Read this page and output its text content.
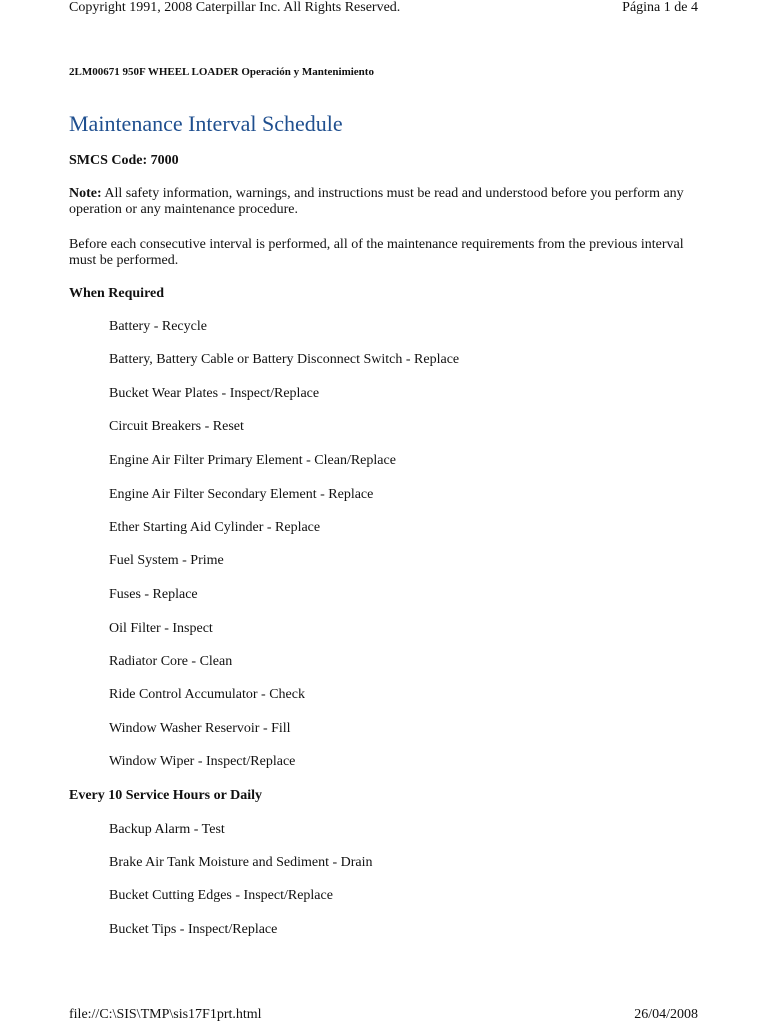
Copyright 1991, 2008 Caterpillar Inc. All Rights Reserved.	Página 1 de 4
2LM00671 950F WHEEL LOADER Operación y Mantenimiento
Maintenance Interval Schedule
SMCS Code: 7000
Note: All safety information, warnings, and instructions must be read and understood before you perform any operation or any maintenance procedure.
Before each consecutive interval is performed, all of the maintenance requirements from the previous interval must be performed.
When Required
Battery - Recycle
Battery, Battery Cable or Battery Disconnect Switch - Replace
Bucket Wear Plates - Inspect/Replace
Circuit Breakers - Reset
Engine Air Filter Primary Element - Clean/Replace
Engine Air Filter Secondary Element - Replace
Ether Starting Aid Cylinder - Replace
Fuel System - Prime
Fuses - Replace
Oil Filter - Inspect
Radiator Core - Clean
Ride Control Accumulator - Check
Window Washer Reservoir - Fill
Window Wiper - Inspect/Replace
Every 10 Service Hours or Daily
Backup Alarm - Test
Brake Air Tank Moisture and Sediment - Drain
Bucket Cutting Edges - Inspect/Replace
Bucket Tips - Inspect/Replace
file://C:\SIS\TMP\sis17F1prt.html	26/04/2008
